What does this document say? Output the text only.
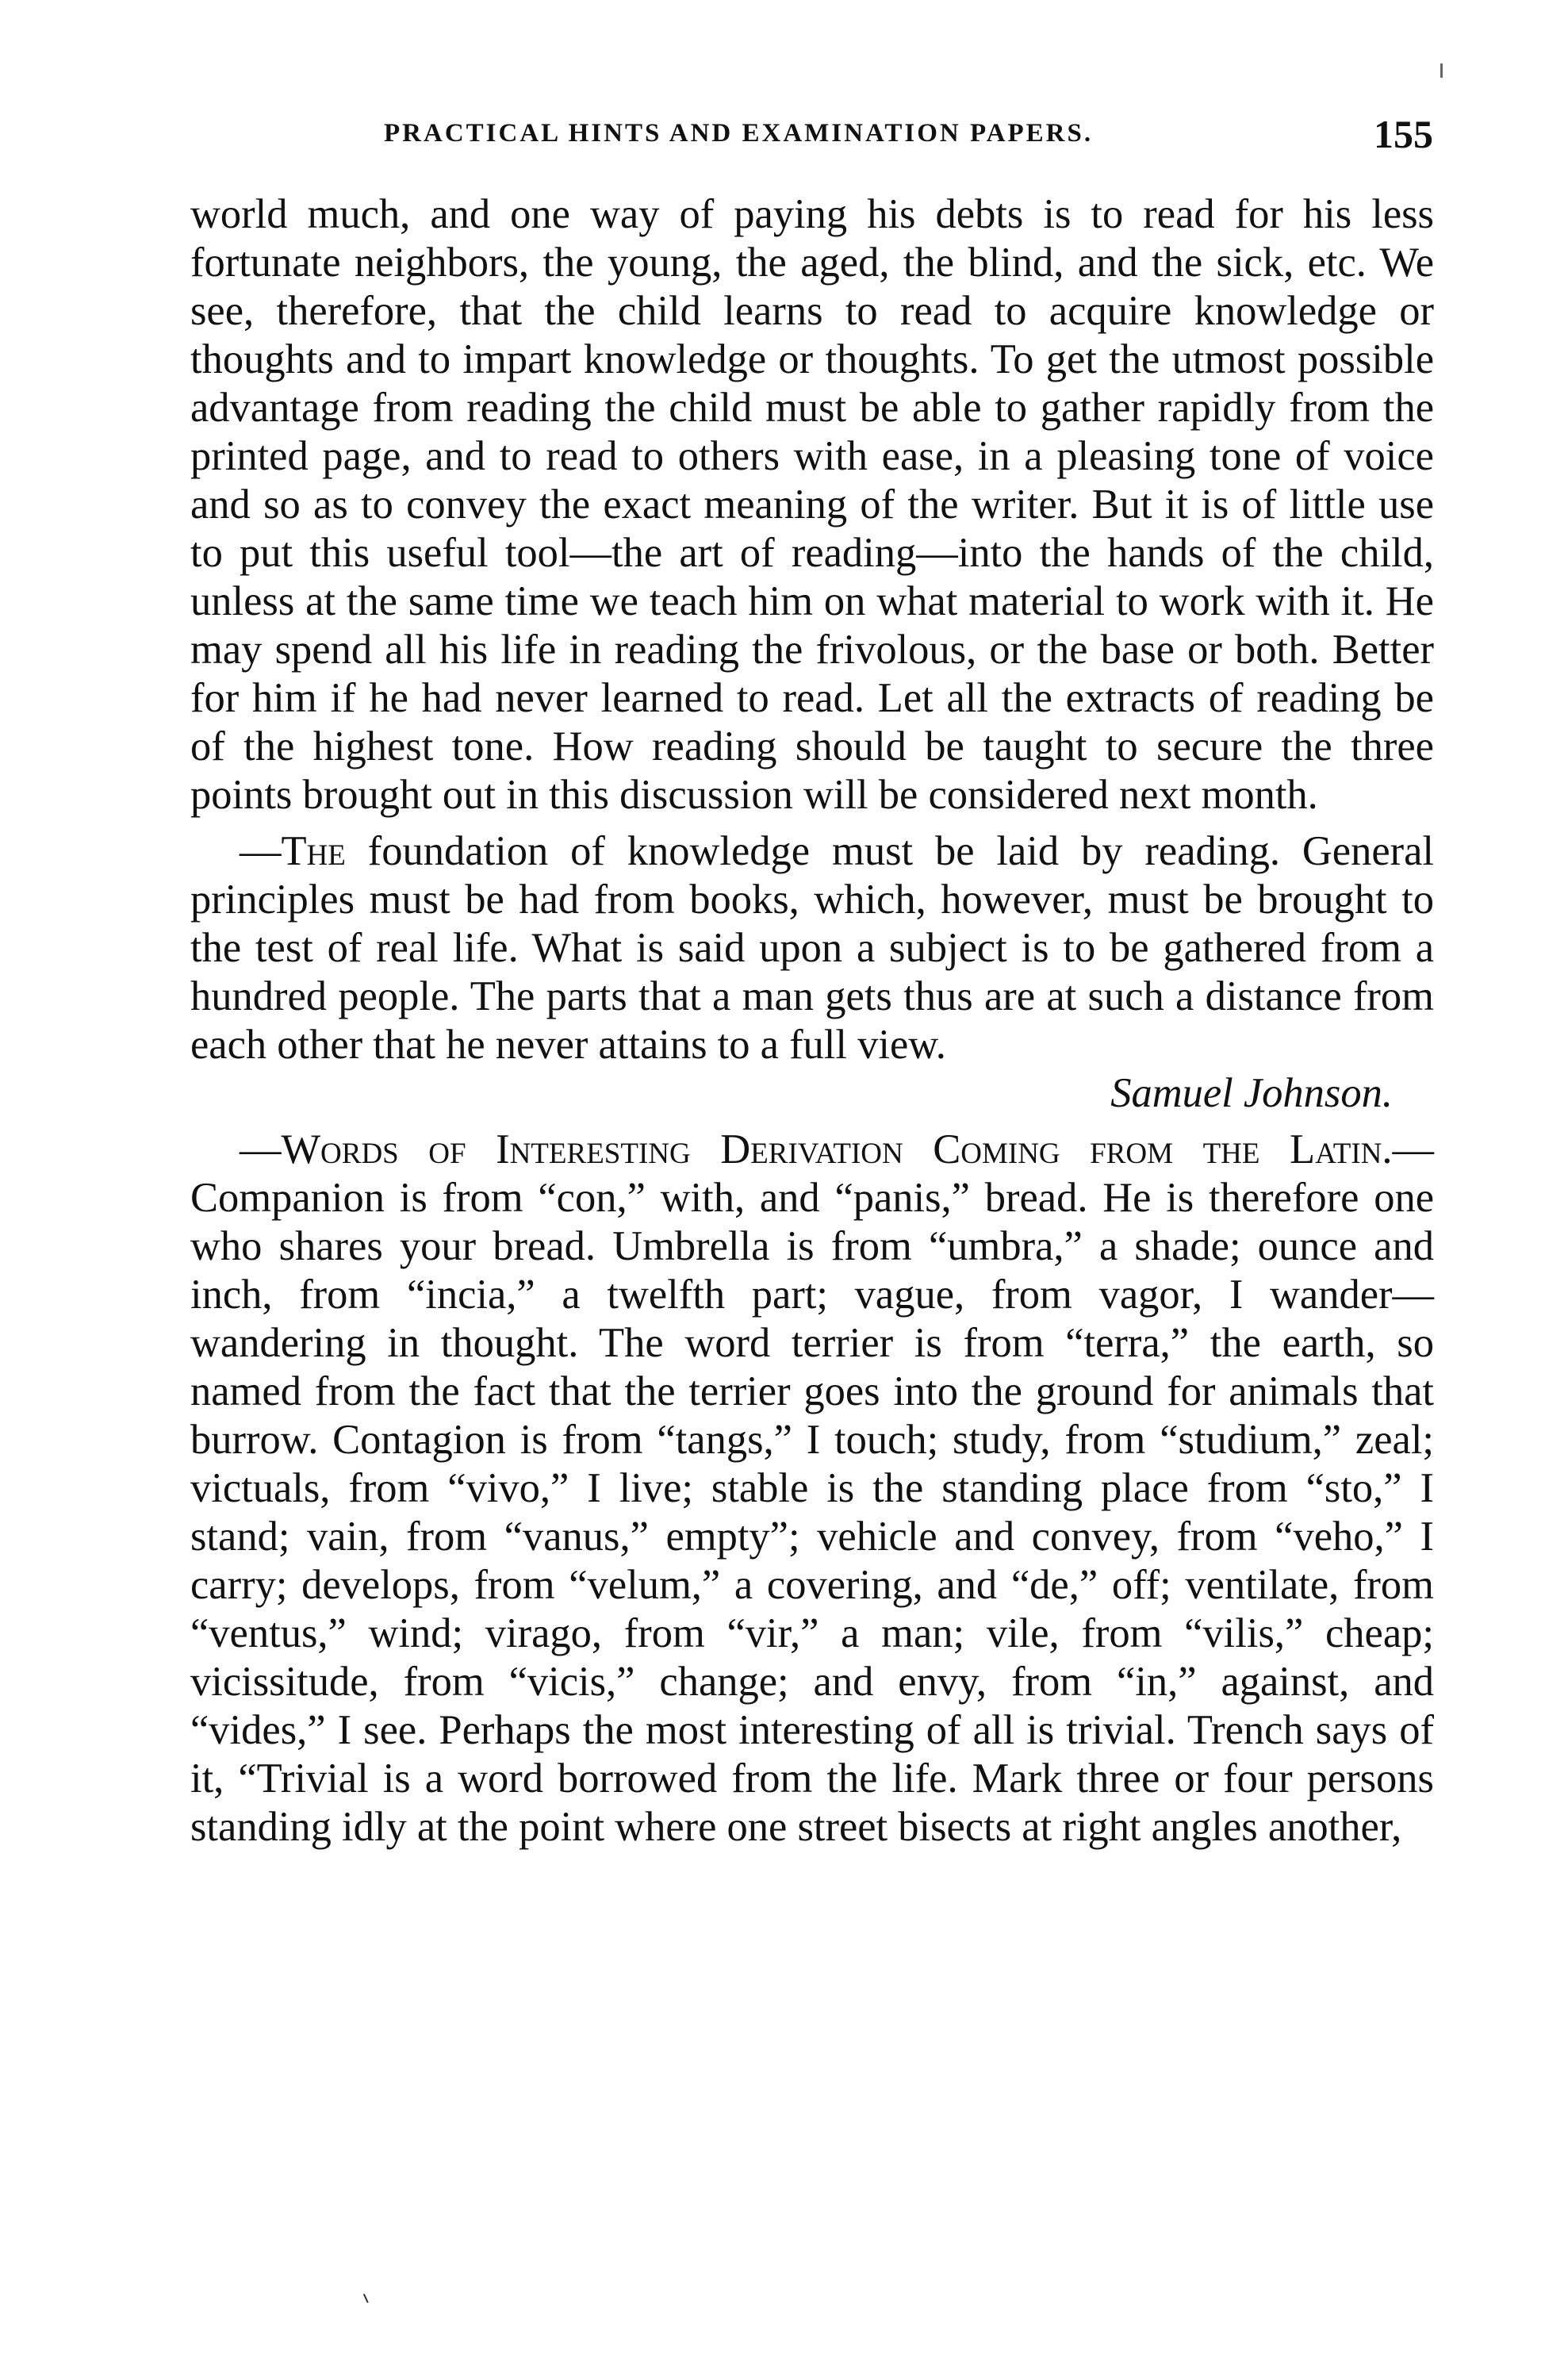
PRACTICAL HINTS AND EXAMINATION PAPERS.	155

world much, and one way of paying his debts is to read for his less fortunate neighbors, the young, the aged, the blind, and the sick, etc. We see, therefore, that the child learns to read to acquire knowledge or thoughts and to impart knowledge or thoughts. To get the utmost possible advantage from reading the child must be able to gather rapidly from the printed page, and to read to others with ease, in a pleasing tone of voice and so as to convey the exact meaning of the writer. But it is of little use to put this useful tool—the art of reading—into the hands of the child, unless at the same time we teach him on what material to work with it. He may spend all his life in reading the frivolous, or the base or both. Better for him if he had never learned to read. Let all the extracts of reading be of the highest tone. How reading should be taught to secure the three points brought out in this discussion will be considered next month.

—The foundation of knowledge must be laid by reading. General principles must be had from books, which, however, must be brought to the test of real life. What is said upon a subject is to be gathered from a hundred people. The parts that a man gets thus are at such a distance from each other that he never attains to a full view.

Samuel Johnson.

—Words of Interesting Derivation Coming from the Latin.—Companion is from “con,” with, and “panis,” bread. He is therefore one who shares your bread. Umbrella is from “umbra,” a shade; ounce and inch, from “incia,” a twelfth part; vague, from vagor, I wander—wandering in thought. The word terrier is from “terra,” the earth, so named from the fact that the terrier goes into the ground for animals that burrow. Contagion is from “tangs,” I touch; study, from “studium,” zeal; victuals, from “vivo,” I live; stable is the standing place from “sto,” I stand; vain, from “vanus,” empty”; vehicle and convey, from “veho,” I carry; develops, from “velum,” a covering, and “de,” off; ventilate, from “ventus,” wind; virago, from “vir,” a man; vile, from “vilis,” cheap; vicissitude, from “vicis,” change; and envy, from “in,” against, and “vides,” I see. Perhaps the most interesting of all is trivial. Trench says of it, “Trivial is a word borrowed from the life. Mark three or four persons standing idly at the point where one street bisects at right angles another,
